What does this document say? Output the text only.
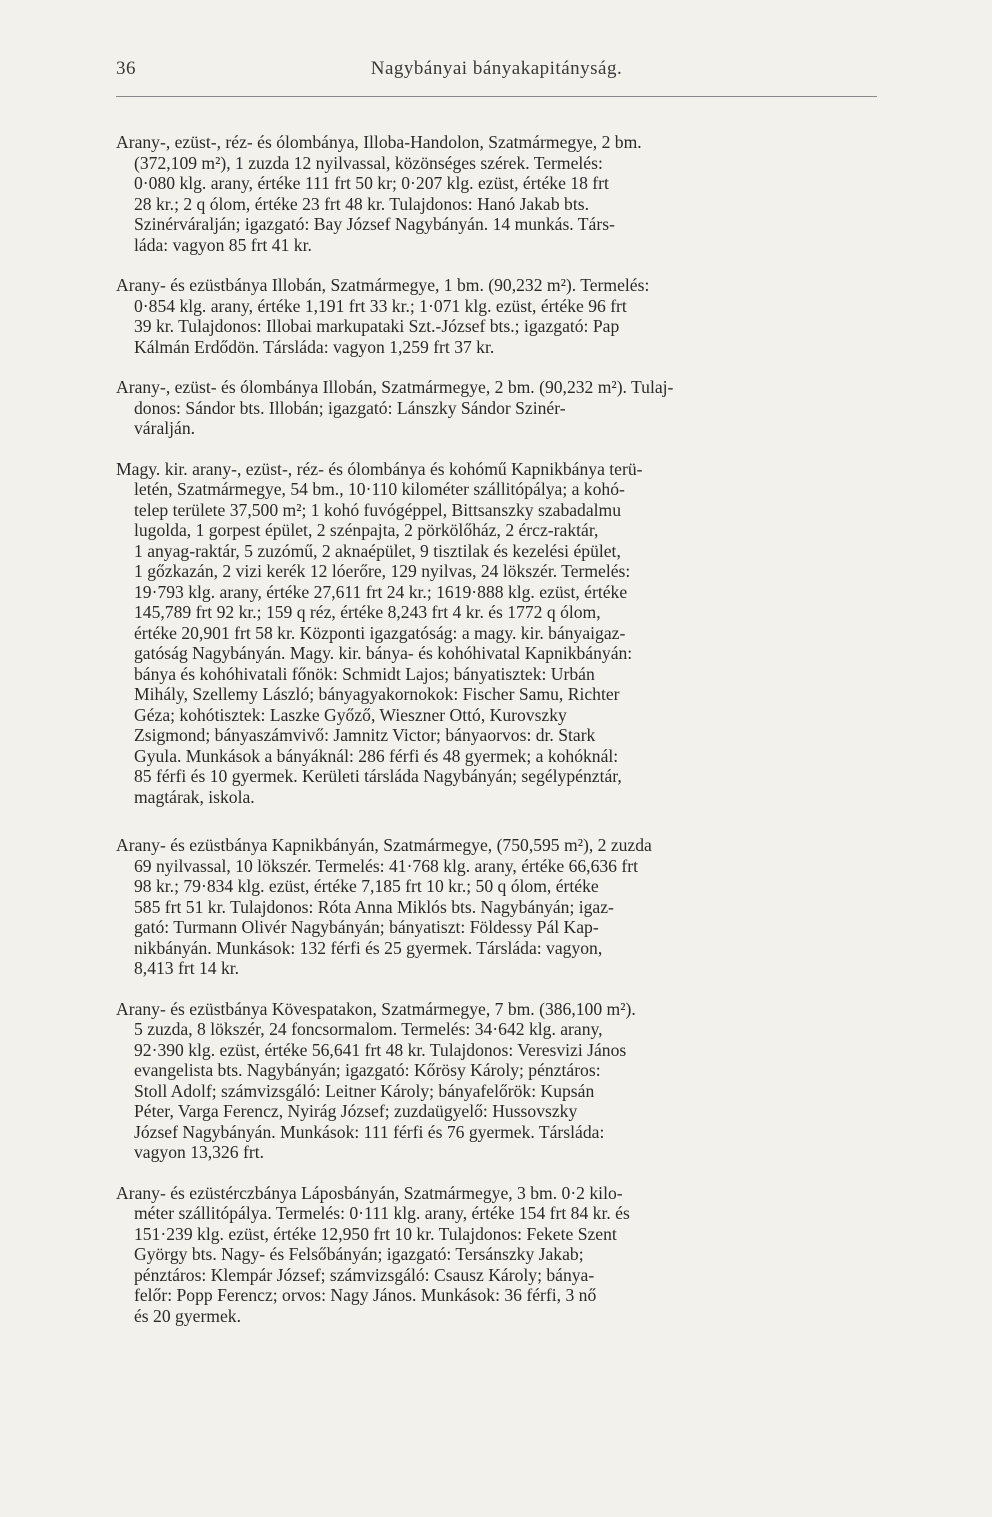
36	Nagybányai bányakapitányság.
Arany-, ezüst-, réz- és ólombánya, Illoba-Handolon, Szatmármegye, 2 bm.
(372,109 m²), 1 zuzda 12 nyilvassal, közönséges szérek. Termelés:
0·080 klg. arany, értéke 111 frt 50 kr; 0·207 klg. ezüst, értéke 18 frt
28 kr.; 2 q ólom, értéke 23 frt 48 kr. Tulajdonos: Hanó Jakab bts.
Szinérváralján; igazgató: Bay József Nagybányán. 14 munkás. Társ-
láda: vagyon 85 frt 41 kr.
Arany- és ezüstbánya Illobán, Szatmármegye, 1 bm. (90,232 m²). Termelés:
0·854 klg. arany, értéke 1,191 frt 33 kr.; 1·071 klg. ezüst, értéke 96 frt
39 kr. Tulajdonos: Illobai markupataki Szt.-József bts.; igazgató: Pap
Kálmán Erdődön. Társláda: vagyon 1,259 frt 37 kr.
Arany-, ezüst- és ólombánya Illobán, Szatmármegye, 2 bm. (90,232 m²). Tulaj-
donos: Sándor bts. Illobán; igazgató: Lánszky Sándor Szinér-
váralján.
Magy. kir. arany-, ezüst-, réz- és ólombánya és kohómű Kapnikbánya terü-
letén, Szatmármegye, 54 bm., 10·110 kilométer szállitópálya; a kohó-
telep területe 37,500 m²; 1 kohó fuvógéppel, Bittsanszky szabadalmu
lugolda, 1 gorpest épület, 2 szénpajta, 2 pörkölőház, 2 ércz-raktár,
1 anyag-raktár, 5 zuzómű, 2 aknaépület, 9 tisztilak és kezelési épület,
1 gőzkazán, 2 vizi kerék 12 lóerőre, 129 nyilvas, 24 lökszér. Termelés:
19·793 klg. arany, értéke 27,611 frt 24 kr.; 1619·888 klg. ezüst, értéke
145,789 frt 92 kr.; 159 q réz, értéke 8,243 frt 4 kr. és 1772 q ólom,
értéke 20,901 frt 58 kr. Központi igazgatóság: a magy. kir. bányaigaz-
gatóság Nagybányán. Magy. kir. bánya- és kohóhivatal Kapnikbányán:
bánya és kohóhivatali főnök: Schmidt Lajos; bányatisztek: Urbán
Mihály, Szellemy László; bányagyakornokok: Fischer Samu, Richter
Géza; kohótisztek: Laszke Győző, Wieszner Ottó, Kurovszky
Zsigmond; bányaszámvivő: Jamnitz Victor; bányaorvos: dr. Stark
Gyula. Munkások a bányáknál: 286 férfi és 48 gyermek; a kohóknál:
85 férfi és 10 gyermek. Kerületi társláda Nagybányán; segélypénztár,
magtárak, iskola.
Arany- és ezüstbánya Kapnikbányán, Szatmármegye, (750,595 m²), 2 zuzda
69 nyilvassal, 10 lökszér. Termelés: 41·768 klg. arany, értéke 66,636 frt
98 kr.; 79·834 klg. ezüst, értéke 7,185 frt 10 kr.; 50 q ólom, értéke
585 frt 51 kr. Tulajdonos: Róta Anna Miklós bts. Nagybányán; igaz-
gató: Turmann Olivér Nagybányán; bányatiszt: Földessy Pál Kap-
nikbányán. Munkások: 132 férfi és 25 gyermek. Társláda: vagyon,
8,413 frt 14 kr.
Arany- és ezüstbánya Kövespatakon, Szatmármegye, 7 bm. (386,100 m²).
5 zuzda, 8 lökszér, 24 foncsormalom. Termelés: 34·642 klg. arany,
92·390 klg. ezüst, értéke 56,641 frt 48 kr. Tulajdonos: Veresvizi János
evangelista bts. Nagybányán; igazgató: Kőrösy Károly; pénztáros:
Stoll Adolf; számvizsgáló: Leitner Károly; bányafelőrök: Kupsán
Péter, Varga Ferencz, Nyirág József; zuzdaügyelő: Hussovszky
József Nagybányán. Munkások: 111 férfi és 76 gyermek. Társláda:
vagyon 13,326 frt.
Arany- és ezüstérczbánya Láposbányán, Szatmármegye, 3 bm. 0·2 kilo-
méter szállitópálya. Termelés: 0·111 klg. arany, értéke 154 frt 84 kr. és
151·239 klg. ezüst, értéke 12,950 frt 10 kr. Tulajdonos: Fekete Szent
György bts. Nagy- és Felsőbányán; igazgató: Tersánszky Jakab;
pénztáros: Klempár József; számvizsgáló: Csausz Károly; bánya-
felőr: Popp Ferencz; orvos: Nagy János. Munkások: 36 férfi, 3 nő
és 20 gyermek.
